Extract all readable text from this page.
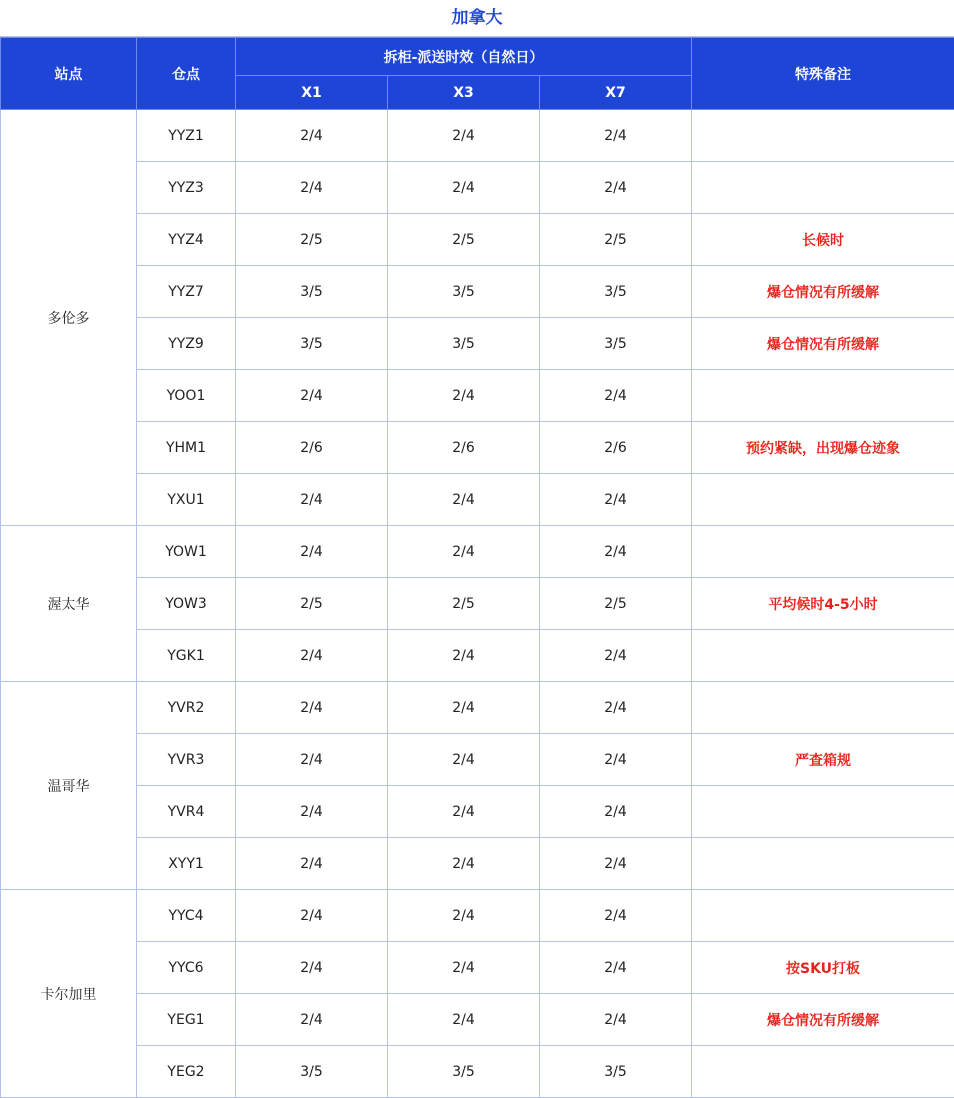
加拿大
站点	仓点	拆柜-派送时效（自然日）			特殊备注
		X1	X3	X7	
多伦多	YYZ1	2/4	2/4	2/4	
	YYZ3	2/4	2/4	2/4	
	YYZ4	2/5	2/5	2/5	长候时
	YYZ7	3/5	3/5	3/5	爆仓情况有所缓解
	YYZ9	3/5	3/5	3/5	爆仓情况有所缓解
	YOO1	2/4	2/4	2/4	
	YHM1	2/6	2/6	2/6	预约紧缺，出现爆仓迹象
	YXU1	2/4	2/4	2/4	
渥太华	YOW1	2/4	2/4	2/4	
	YOW3	2/5	2/5	2/5	平均候时4-5小时
	YGK1	2/4	2/4	2/4	
温哥华	YVR2	2/4	2/4	2/4	
	YVR3	2/4	2/4	2/4	严查箱规
	YVR4	2/4	2/4	2/4	
	XYY1	2/4	2/4	2/4	
卡尔加里	YYC4	2/4	2/4	2/4	
	YYC6	2/4	2/4	2/4	按SKU打板
	YEG1	2/4	2/4	2/4	爆仓情况有所缓解
	YEG2	3/5	3/5	3/5	
